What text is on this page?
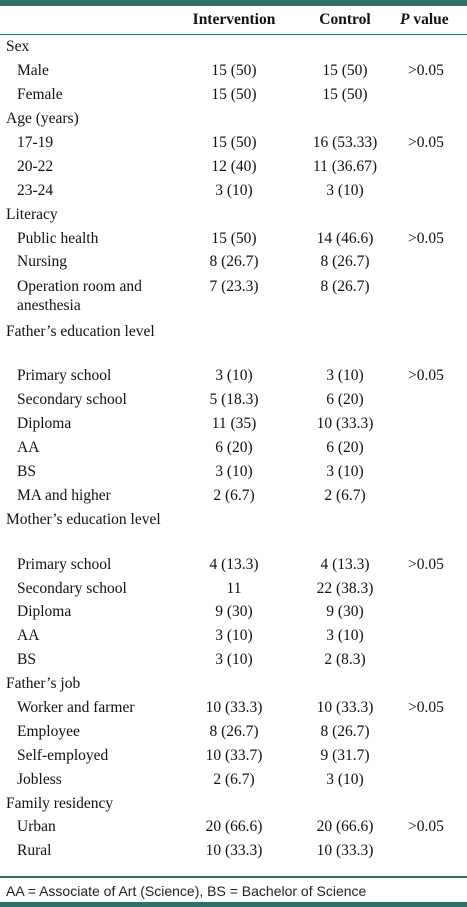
Intervention	Control	P value
Sex
Male	15 (50)	15 (50)	>0.05
Female	15 (50)	15 (50)
Age (years)
17-19	15 (50)	16 (53.33)	>0.05
20-22	12 (40)	11 (36.67)
23-24	3 (10)	3 (10)
Literacy
Public health	15 (50)	14 (46.6)	>0.05
Nursing	8 (26.7)	8 (26.7)
Operation room and anesthesia
7 (23.3)	8 (26.7)
Father’s education level
Primary school	3 (10)	3 (10)	>0.05
Secondary school	5 (18.3)	6 (20)
Diploma	11 (35)	10 (33.3)
AA	6 (20)	6 (20)
BS	3 (10)	3 (10)
MA and higher	2 (6.7)	2 (6.7)
Mother’s education level
Primary school	4 (13.3)	4 (13.3)	>0.05
Secondary school	11	22 (38.3)
Diploma	9 (30)	9 (30)
AA	3 (10)	3 (10)
BS	3 (10)	2 (8.3)
Father’s job
Worker and farmer	10 (33.3)	10 (33.3)	>0.05
Employee	8 (26.7)	8 (26.7)
Self-employed	10 (33.7)	9 (31.7)
Jobless	2 (6.7)	3 (10)
Family residency
Urban	20 (66.6)	20 (66.6)	>0.05
Rural	10 (33.3)	10 (33.3)
AA = Associate of Art (Science), BS = Bachelor of Science
